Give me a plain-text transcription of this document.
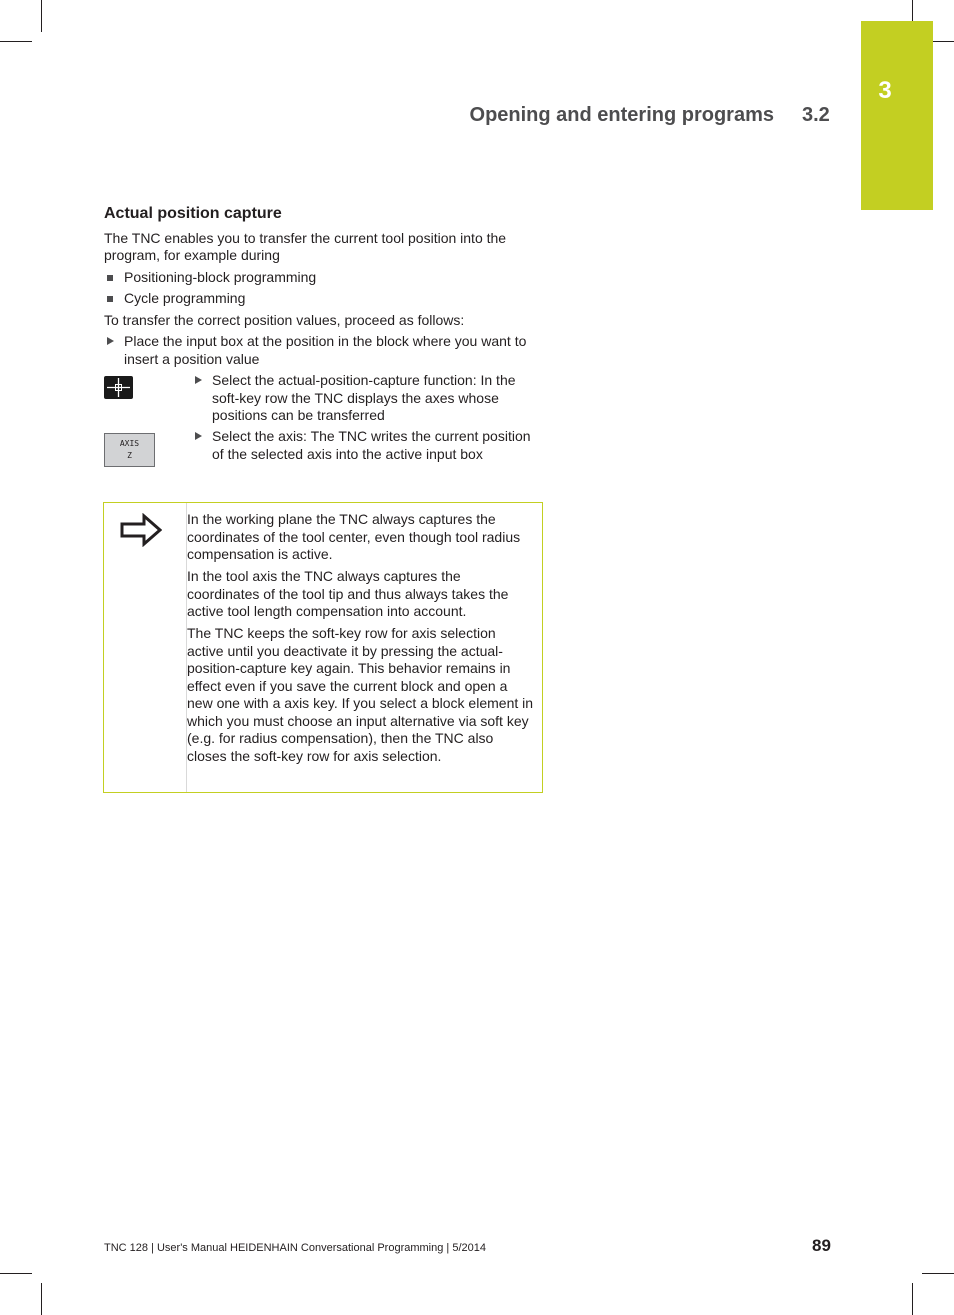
3
Opening and entering programs 3.2
Actual position capture

The TNC enables you to transfer the current tool position into the program, for example during

Positioning-block programming
Cycle programming

To transfer the correct position values, proceed as follows:

Place the input box at the position in the block where you want to insert a position value
Select the actual-position-capture function: In the soft-key row the TNC displays the axes whose positions can be transferred
AXIS
Z
Select the axis: The TNC writes the current position of the selected axis into the active input box

In the working plane the TNC always captures the coordinates of the tool center, even though tool radius compensation is active.

In the tool axis the TNC always captures the coordinates of the tool tip and thus always takes the active tool length compensation into account.

The TNC keeps the soft-key row for axis selection active until you deactivate it by pressing the actual-position-capture key again. This behavior remains in effect even if you save the current block and open a new one with a axis key. If you select a block element in which you must choose an input alternative via soft key (e.g. for radius compensation), then the TNC also closes the soft-key row for axis selection.

TNC 128 | User's Manual HEIDENHAIN Conversational Programming | 5/2014	89
